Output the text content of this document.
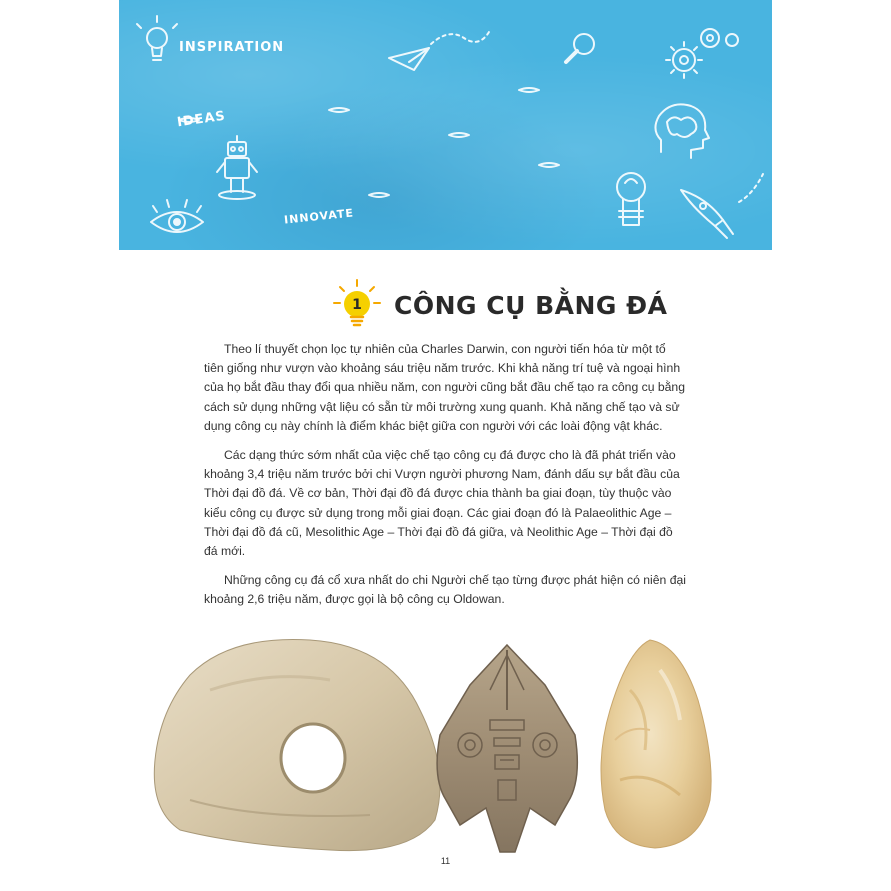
INSPIRATION
IDEAS
INNOVATE
1 CÔNG CỤ BẰNG ĐÁ

Theo lí thuyết chọn lọc tự nhiên của Charles Darwin, con người tiến hóa từ một tổ tiên giống như vượn vào khoảng sáu triệu năm trước. Khi khả năng trí tuệ và ngoại hình của họ bắt đầu thay đổi qua nhiều năm, con người cũng bắt đầu chế tạo ra công cụ bằng cách sử dụng những vật liệu có sẵn từ môi trường xung quanh. Khả năng chế tạo và sử dụng công cụ này chính là điểm khác biệt giữa con người với các loài động vật khác.

Các dạng thức sớm nhất của việc chế tạo công cụ đá được cho là đã phát triển vào khoảng 3,4 triệu năm trước bởi chi Vượn người phương Nam, đánh dấu sự bắt đầu của Thời đại đồ đá. Về cơ bản, Thời đại đồ đá được chia thành ba giai đoạn, tùy thuộc vào kiểu công cụ được sử dụng trong mỗi giai đoạn. Các giai đoạn đó là Palaeolithic Age – Thời đại đồ đá cũ, Mesolithic Age – Thời đại đồ đá giữa, và Neolithic Age – Thời đại đồ đá mới.

Những công cụ đá cổ xưa nhất do chi Người chế tạo từng được phát hiện có niên đại khoảng 2,6 triệu năm, được gọi là bộ công cụ Oldowan.

11
